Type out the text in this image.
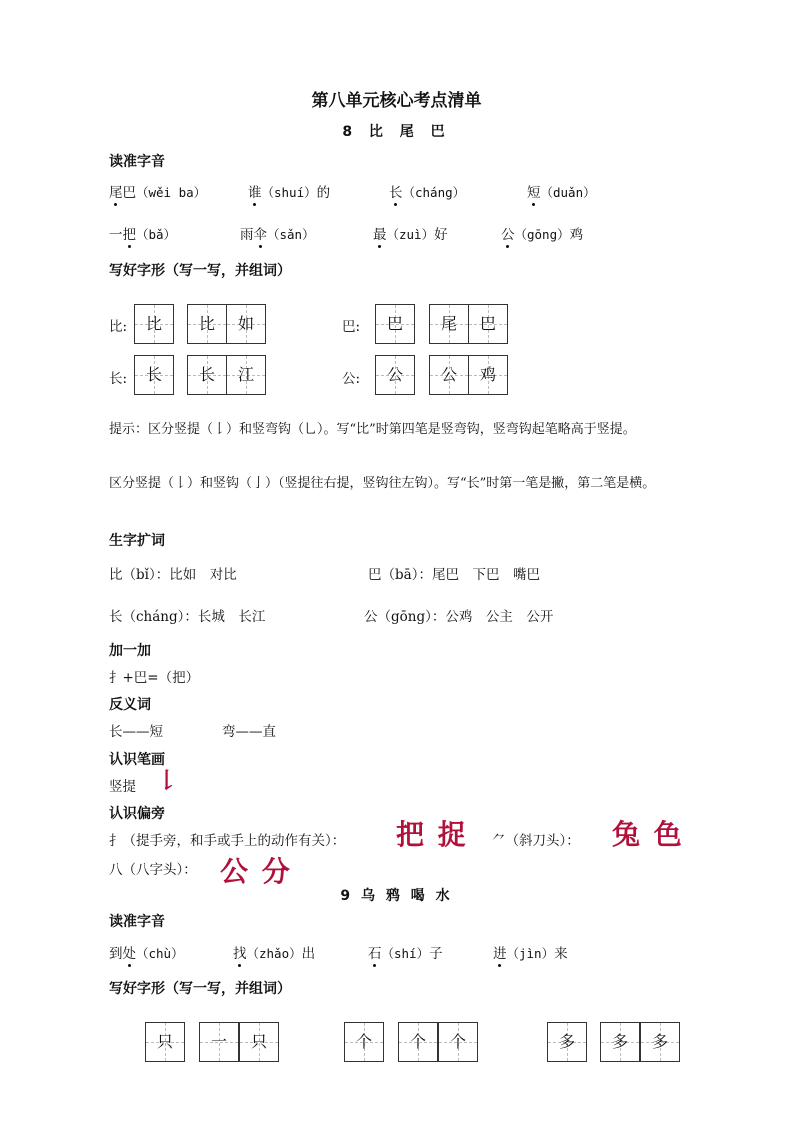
第八单元核心考点清单
8 比 尾 巴
读准字音
尾巴（wěi ba）	谁（shuí）的	长（cháng）	短（duǎn）
一把（bǎ）	雨伞（sǎn）	最（zuì）好	公（gōng）鸡
写好字形（写一写，并组词）
比:	比	比	如	巴:	巴	尾	巴
长:	长	长	江	公:	公	公	鸡
提示：区分竖提（𠄌）和竖弯钩（乚）。写“比”时第四笔是竖弯钩，竖弯钩起笔略高于竖提。
区分竖提（𠄌）和竖钩（亅）（竖提往右提，竖钩往左钩）。写“长”时第一笔是撇，第二笔是横。
生字扩词
比（bǐ）：比如　对比	巴（bā）：尾巴　下巴　嘴巴
长（cháng）：长城　长江	公（gōng）：公鸡　公主　公开
加一加
扌+巴=（把）
反义词
长——短	弯——直
认识笔画
竖提 𠄌
认识偏旁
扌（提手旁，和手或手上的动作有关）： 把 捉 ⺈（斜刀头）： 兔 色
八（八字头）： 公 分
9 乌 鸦 喝 水
读准字音
到处（chù）	找（zhǎo）出	石（shí）子	进（jìn）来
写好字形（写一写，并组词）
只	一	只	个	个	个	多	多	多
